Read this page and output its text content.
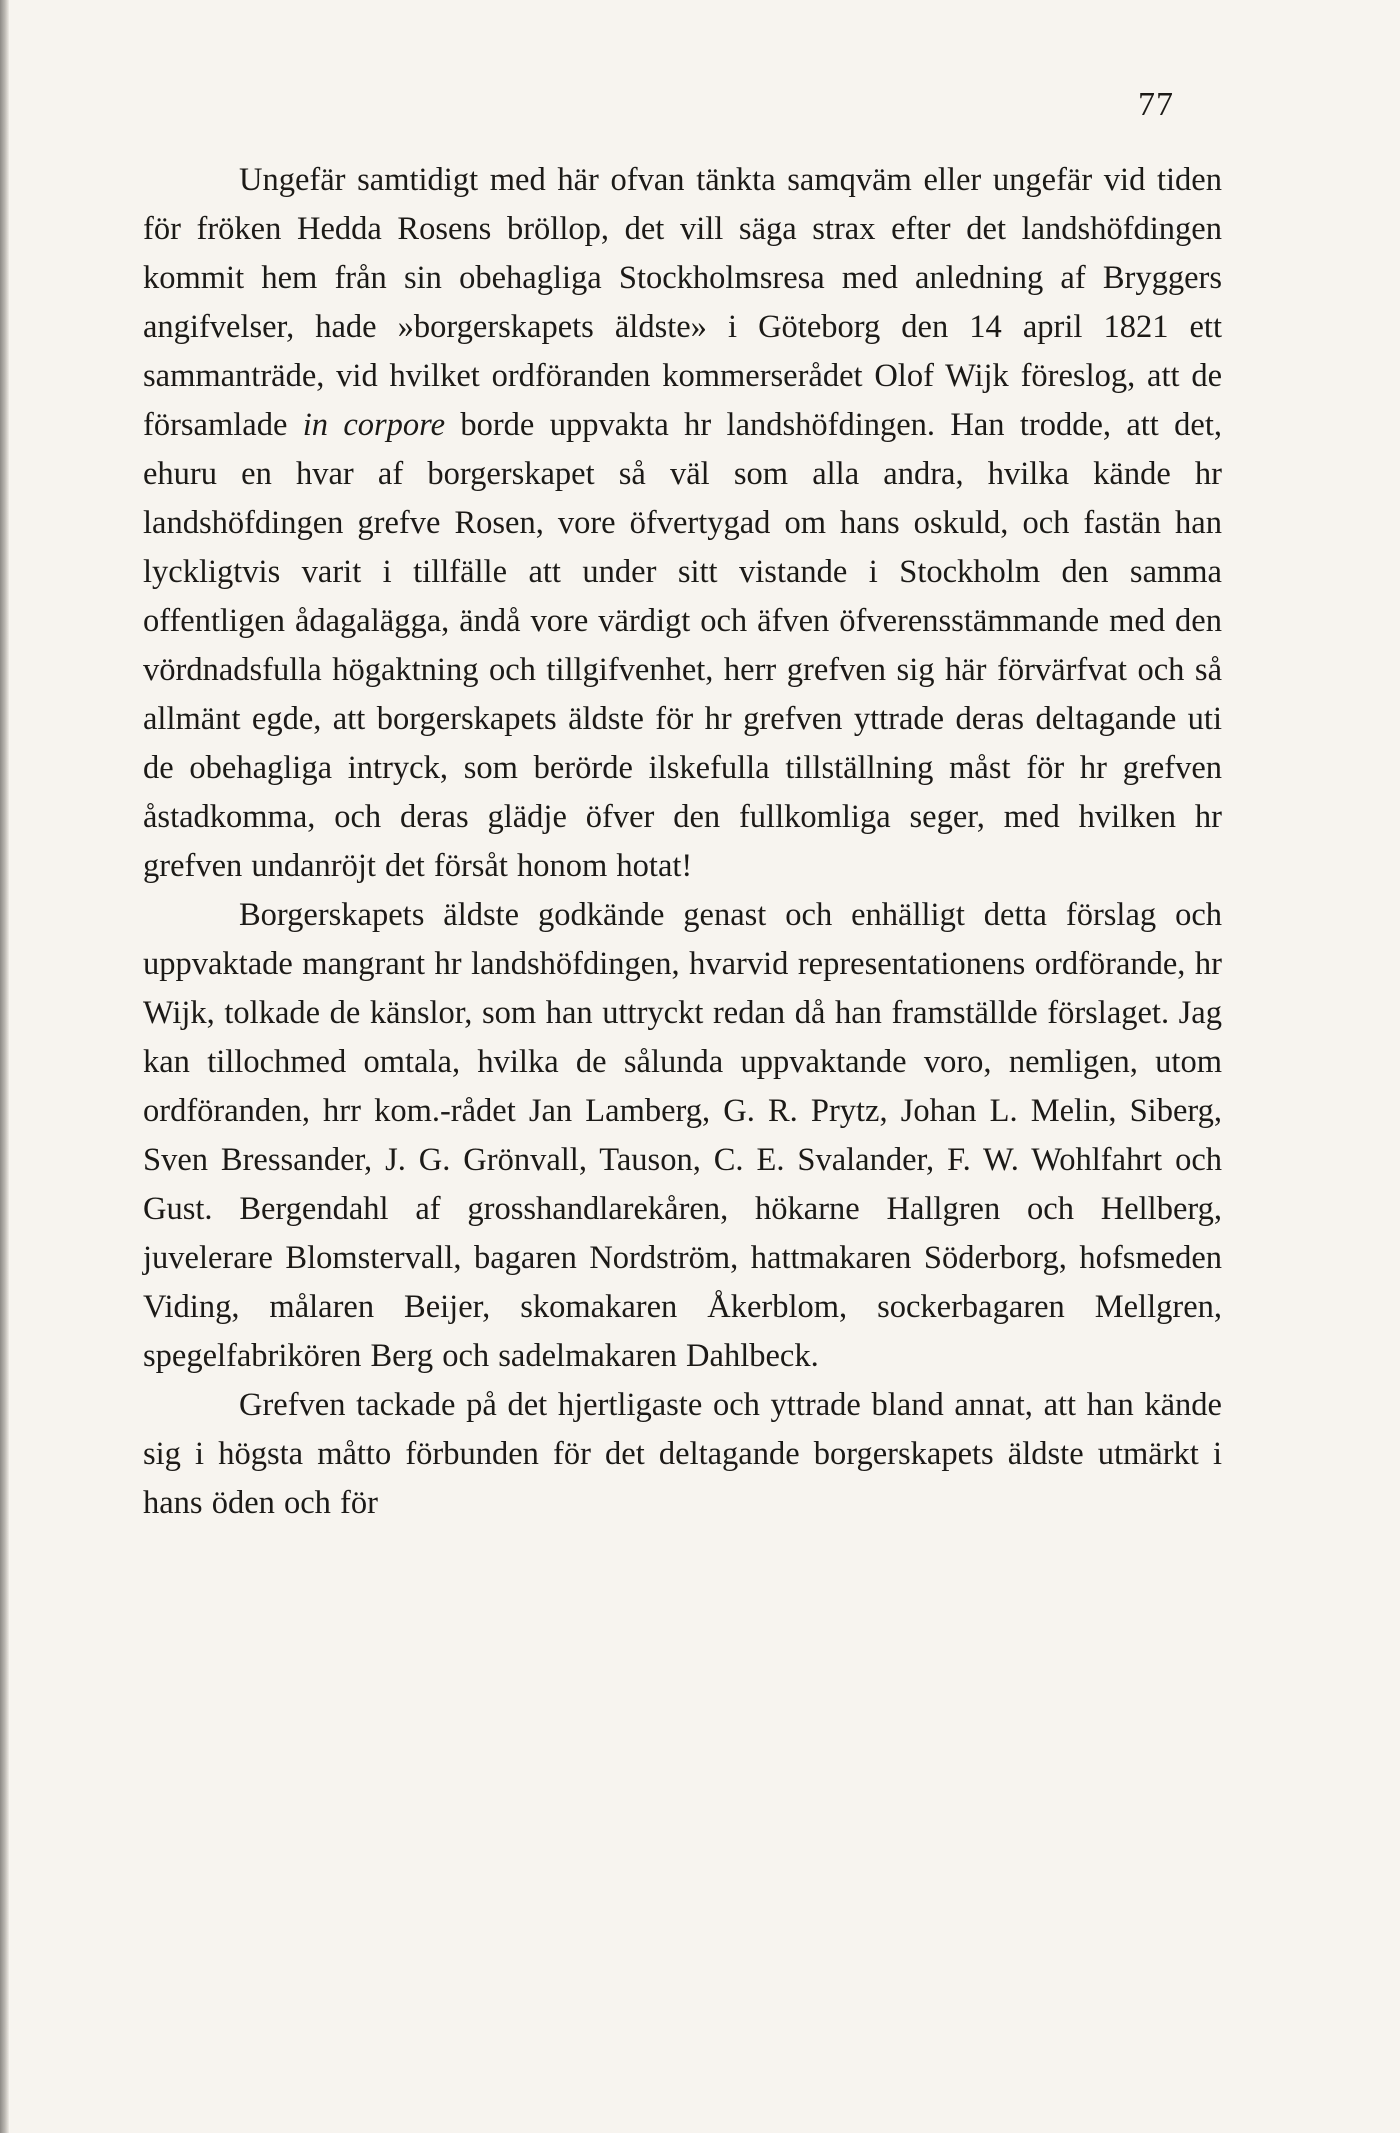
77

Ungefär samtidigt med här ofvan tänkta samqväm eller ungefär vid tiden för fröken Hedda Rosens bröllop, det vill säga strax efter det landshöfdingen kommit hem från sin obehagliga Stockholmsresa med anledning af Bryggers angifvelser, hade »borgerskapets äldste» i Göteborg den 14 april 1821 ett sammanträde, vid hvilket ordföranden kommerserådet Olof Wijk föreslog, att de församlade in corpore borde uppvakta hr landshöfdingen. Han trodde, att det, ehuru en hvar af borgerskapet så väl som alla andra, hvilka kände hr landshöfdingen grefve Rosen, vore öfvertygad om hans oskuld, och fastän han lyckligtvis varit i tillfälle att under sitt vistande i Stockholm den samma offentligen ådagalägga, ändå vore värdigt och äfven öfverensstämmande med den vördnadsfulla högaktning och tillgifvenhet, herr grefven sig här förvärfvat och så allmänt egde, att borgerskapets äldste för hr grefven yttrade deras deltagande uti de obehagliga intryck, som berörde ilskefulla tillställning måst för hr grefven åstadkomma, och deras glädje öfver den fullkomliga seger, med hvilken hr grefven undanröjt det försåt honom hotat!

Borgerskapets äldste godkände genast och enhälligt detta förslag och uppvaktade mangrant hr landshöfdingen, hvarvid representationens ordförande, hr Wijk, tolkade de känslor, som han uttryckt redan då han framställde förslaget. Jag kan tillochmed omtala, hvilka de sålunda uppvaktande voro, nemligen, utom ordföranden, hrr kom.-rådet Jan Lamberg, G. R. Prytz, Johan L. Melin, Siberg, Sven Bressander, J. G. Grönvall, Tauson, C. E. Svalander, F. W. Wohlfahrt och Gust. Bergendahl af grosshandlarekåren, hökarne Hallgren och Hellberg, juvelerare Blomstervall, bagaren Nordström, hattmakaren Söderborg, hofsmeden Viding, målaren Beijer, skomakaren Åkerblom, sockerbagaren Mellgren, spegelfabrikören Berg och sadelmakaren Dahlbeck.

Grefven tackade på det hjertligaste och yttrade bland annat, att han kände sig i högsta måtto förbunden för det deltagande borgerskapets äldste utmärkt i hans öden och för
